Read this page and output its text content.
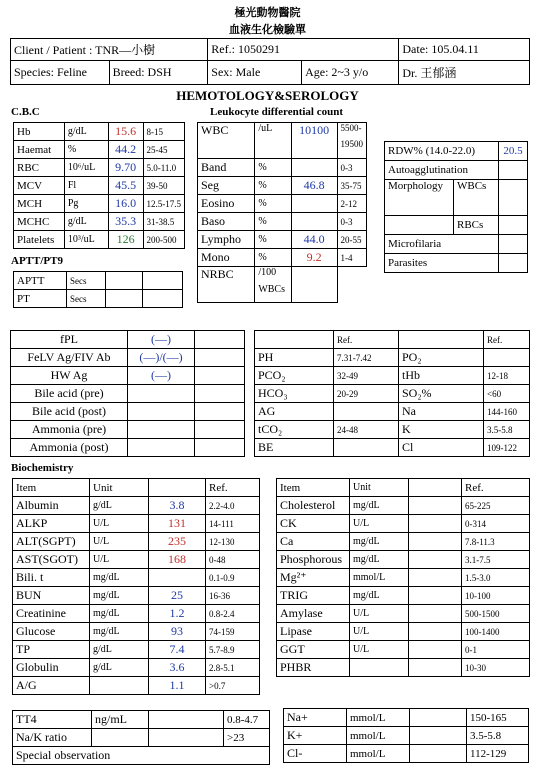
極光動物醫院
血液生化檢驗單
Client / Patient : TNR—小樹		Ref.: 1050291		Date: 105.04.11
Species: Feline	Breed: DSH	Sex: Male	Age: 2~3 y/o	Dr. 王郁涵
HEMOTOLOGY&SEROLOGY
C.B.C	Leukocyte differential count
Hb	g/dL	15.6	8-15
Haemat	%	44.2	25-45
RBC	10⁶/uL	9.70	5.0-11.0
MCV	Fl	45.5	39-50
MCH	Pg	16.0	12.5-17.5
MCHC	g/dL	35.3	31-38.5
Platelets	10³/uL	126	200-500
WBC	/uL	10100	5500-
19500

Band	%		0-3
Seg	%	46.8	35-75
Eosino	%		2-12
Baso	%		0-3
Lympho	%	44.0	20-55
Mono	%	9.2	1-4
NRBC	/100
WBCs		

RDW% (14.0-22.0)		20.5
Autoagglutination		
Morphology	WBCs	
	RBCs	
Microfilaria		
Parasites		
APTT/PT9
APTT	Secs		
PT	Secs		
fPL	(—)	
FeLV Ag/FIV Ab	(—)/(—)	
HW Ag	(—)	
Bile acid (pre)		
Bile acid (post)		
Ammonia (pre)		
Ammonia (post)		
	Ref.		Ref.
PH	7.31-7.42	PO₂	
PCO₂	32-49	tHb	12-18
HCO₃	20-29	SO₂%	<60
AG		Na	144-160
tCO₂	24-48	K	3.5-5.8
BE		Cl	109-122
Biochemistry
Item	Unit		Ref.
Albumin	g/dL	3.8	2.2-4.0
ALKP	U/L	131	14-111
ALT(SGPT)	U/L	235	12-130
AST(SGOT)	U/L	168	0-48
Bili. t	mg/dL		0.1-0.9
BUN	mg/dL	25	16-36
Creatinine	mg/dL	1.2	0.8-2.4
Glucose	mg/dL	93	74-159
TP	g/dL	7.4	5.7-8.9
Globulin	g/dL	3.6	2.8-5.1
A/G		1.1	>0.7
Item	Unit		Ref.
Cholesterol	mg/dL		65-225
CK	U/L		0-314
Ca	mg/dL		7.8-11.3
Phosphorous	mg/dL		3.1-7.5
Mg²⁺	mmol/L		1.5-3.0
TRIG	mg/dL		10-100
Amylase	U/L		500-1500
Lipase	U/L		100-1400
GGT	U/L		0-1
PHBR			10-30
TT4	ng/mL		0.8-4.7
Na/K ratio			>23
Special observation			
Na+	mmol/L		150-165
K+	mmol/L		3.5-5.8
Cl-	mmol/L		112-129
